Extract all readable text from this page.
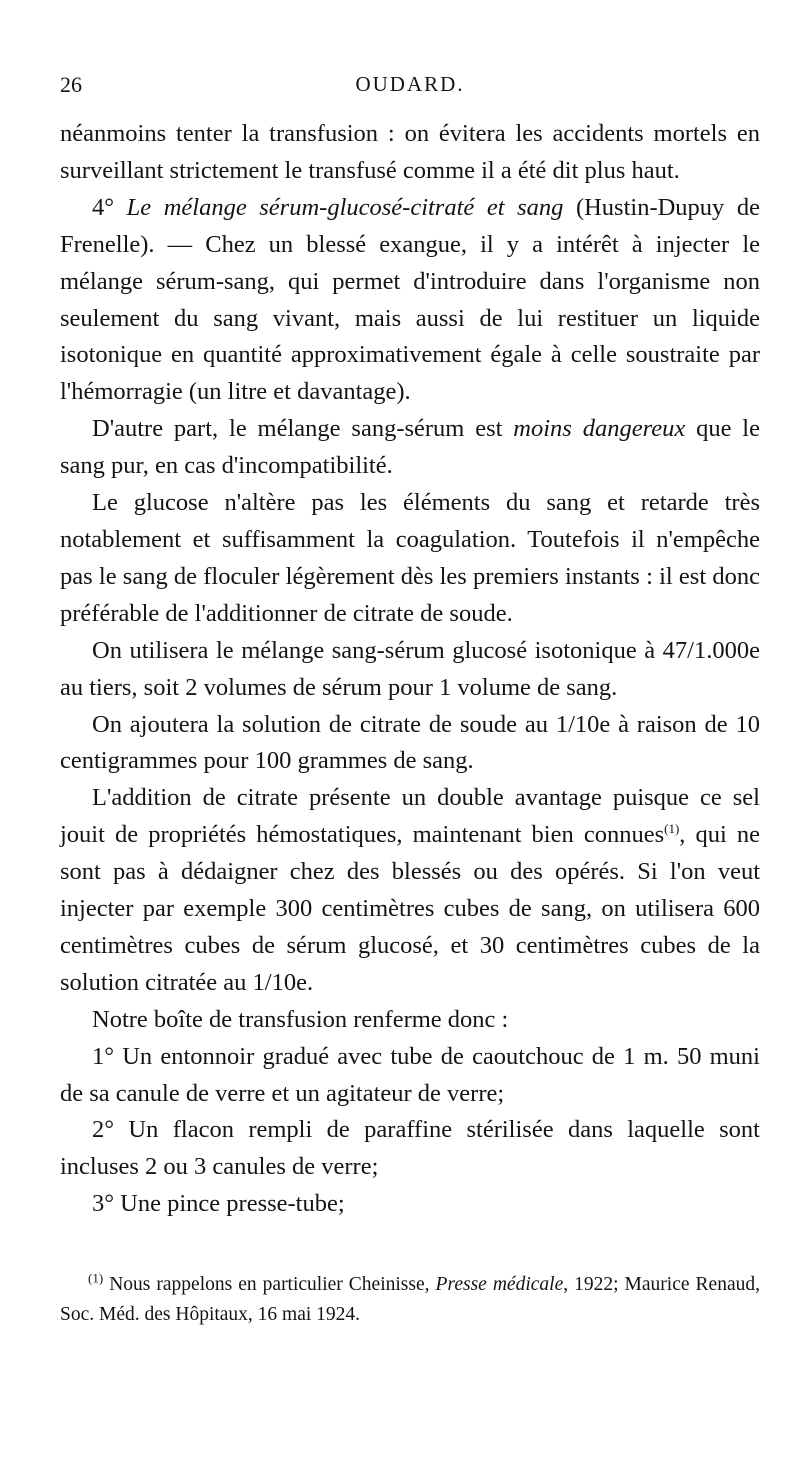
26	OUDARD.

néanmoins tenter la transfusion : on évitera les accidents mortels en surveillant strictement le transfusé comme il a été dit plus haut.

4° Le mélange sérum-glucosé-citraté et sang (Hustin-Dupuy de Frenelle). — Chez un blessé exangue, il y a intérêt à injecter le mélange sérum-sang, qui permet d'introduire dans l'organisme non seulement du sang vivant, mais aussi de lui restituer un liquide isotonique en quantité approximativement égale à celle soustraite par l'hémorragie (un litre et davantage).

D'autre part, le mélange sang-sérum est moins dangereux que le sang pur, en cas d'incompatibilité.

Le glucose n'altère pas les éléments du sang et retarde très notablement et suffisamment la coagulation. Toutefois il n'empêche pas le sang de floculer légèrement dès les premiers instants : il est donc préférable de l'additionner de citrate de soude.

On utilisera le mélange sang-sérum glucosé isotonique à 47/1.000e au tiers, soit 2 volumes de sérum pour 1 volume de sang.

On ajoutera la solution de citrate de soude au 1/10e à raison de 10 centigrammes pour 100 grammes de sang.

L'addition de citrate présente un double avantage puisque ce sel jouit de propriétés hémostatiques, maintenant bien connues$^{(1)}$, qui ne sont pas à dédaigner chez des blessés ou des opérés. Si l'on veut injecter par exemple 300 centimètres cubes de sang, on utilisera 600 centimètres cubes de sérum glucosé, et 30 centimètres cubes de la solution citratée au 1/10e.

Notre boîte de transfusion renferme donc :

1° Un entonnoir gradué avec tube de caoutchouc de 1 m. 50 muni de sa canule de verre et un agitateur de verre;

2° Un flacon rempli de paraffine stérilisée dans laquelle sont incluses 2 ou 3 canules de verre;

3° Une pince presse-tube;

$^{(1)}$ Nous rappelons en particulier Cheinisse, Presse médicale, 1922; Maurice Renaud, Soc. Méd. des Hôpitaux, 16 mai 1924.
